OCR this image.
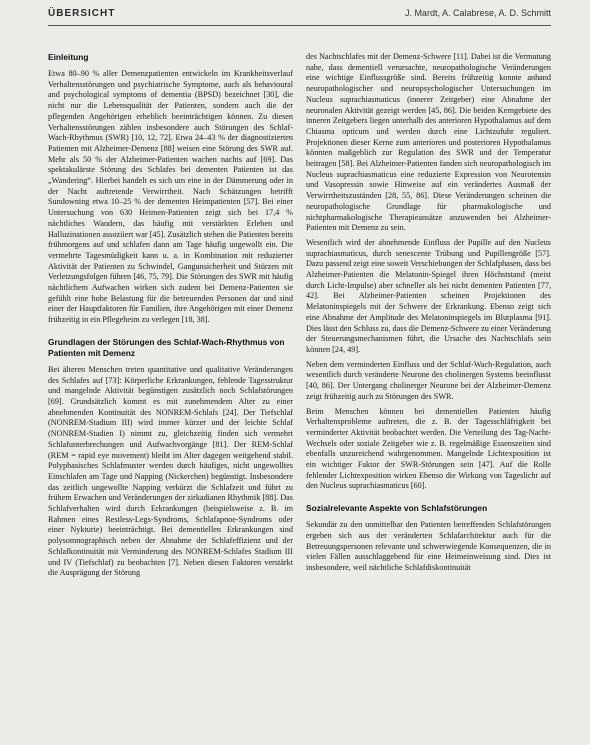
ÜBERSICHT	J. Mardt, A. Calabrese, A. D. Schmitt
Einleitung

Etwa 80–90 % aller Demenzpatienten entwickeln im Krankheitsverlauf Verhaltensstörungen und psychiatrische Symptome, auch als behavioural and psychological symptoms of dementia (BPSD) bezeichnet [30], die nicht nur die Lebensqualität der Patienten, sondern auch die der pflegenden Angehörigen erheblich beeinträchtigen können. Zu diesen Verhaltensstörungen zählen insbesondere auch Störungen des Schlaf-Wach-Rhythmus (SWR) [10, 12, 72]. Etwa 24–43 % der diagnostizierten Patienten mit Alzheimer-Demenz [88] weisen eine Störung des SWR auf. Mehr als 50 % der Alzheimer-Patienten wachen nachts auf [69]. Das spektakulärste Störung des Schlafes bei dementen Patienten ist das „Wandering“. Hierbei handelt es sich um eine in der Dämmerung oder in der Nacht auftretende Verwirrtheit. Nach Schätzungen betrifft Sundowning etwa 10–25 % der dementen Heimpatienten [57]. Bei einer Untersuchung von 630 Heimen-Patienten zeigt sich bei 17,4 % nächtliches Wandern, das häufig mit verstärkten Erleben und Halluzinationen assoziiert war [45]. Zusätzlich stehen die Patienten bereits frühmorgens auf und schlafen dann am Tage häufig ungewollt ein. Die vermehrte Tagesmüdigkeit kann u. a. in Kombination mit reduzierter Aktivität der Patienten zu Schwindel, Gangunsicherheit und Stürzen mit Verletzungsfolgen führen [46, 75, 79]. Die Störungen des SWR mit häufig nächtlichem Aufwachen wirken sich zudem bei Demenz-Patienten sie gefühlt eine hohe Belastung für die betreuenden Personen dar und sind einer der Hauptfaktoren für Familien, ihre Angehörigen mit einer Demenz frühzeitig in ein Pflegeheim zu verlegen [18, 38].

Grundlagen der Störungen des Schlaf-Wach-Rhythmus von Patienten mit Demenz

Bei älteren Menschen treten quantitative und qualitative Veränderungen des Schlafes auf [73]: Körperliche Erkrankungen, fehlende Tagesstruktur und mangelnde Aktivität begünstigen zusätzlich noch Schlafstörungen [69]. Grundsätzlich kommt es mit zunehmendem Alter zu einer abnehmenden Kontinuität des NONREM-Schlafs [24]. Der Tiefschlaf (NONREM-Stadium III) wird immer kürzer und der leichte Schlaf (NONREM-Stadien I) nimmt zu, gleichzeitig finden sich vermehrt Schlafunterbrechungen und Aufwachvorgänge [81]. Der REM-Schlaf (REM = rapid eye movement) bleibt im Alter dagegen weitgehend stabil. Polyphasisches Schlafmuster werden durch häufiges, nicht ungewolltes Einschlafen am Tage und Napping (Nickerchen) begünstigt. Insbesondere das zeitlich ungewollte Napping verkürzt die Schlafzeit und führt zu frühem Erwachen und Veränderungen der zirkadianen Rhythmik [88]. Das Schlafverhalten wird durch Erkrankungen (beispielsweise z. B. im Rahmen eines Restless-Legs-Syndroms, Schlafapnoe-Syndroms oder einer Nykturie) beeinträchtigt. Bei dementiellen Erkrankungen sind polysomnographisch neben der Abnahme der Schlafeffizienz und der Schlafkontinuität mit Verminderung des NONREM-Schlafes Stadium III und IV (Tiefschlaf) zu beobachten [7]. Neben diesen Faktoren verstärkt die Ausprägung der Störung

des Nachtschlafes mit der Demenz-Schwere [11]. Dabei ist die Vermutung nahe, dass dementiell verursachte, neuropathologische Veränderungen eine wichtige Einflussgröße sind. Bereits frühzeitig konnte anhand neuropathologischer und neuropsychologischer Untersuchungen im Nucleus suprachiasmaticus (innerer Zeitgeber) eine Abnahme der neuronalen Aktivität gezeigt werden [45, 86]. Die beiden Kerngebiete des inneren Zeitgebers liegen unterhalb des anterioren Hypothalamus auf dem Chiasma opticum und werden durch eine Lichtzufuhr reguliert. Projektionen dieser Kerne zum anterioren und posterioren Hypothalamus könnten maßgeblich zur Regulation des SWR und der Temperatur beitragen [58]. Bei Alzheimer-Patienten fanden sich neuropathologisch im Nucleus suprachiasmaticus eine reduzierte Expression von Neurotensin und Vasopressin sowie Hinweise auf ein verändertes Ausmaß der Verwirrtheitszuständen [28, 55, 86]. Diese Veränderungen scheinen die neuropathologische Grundlage für pharmakologische und nichtpharmakologische Therapieansätze anzuwenden bei Alzheimer-Patienten mit Demenz zu sein.

Wesentlich wird der abnehmende Einfluss der Pupille auf den Nucleus suprachiasmaticus, durch senescente Trübung und Pupillengröße [57]. Dazu passend zeigt eine soweit Verschiebungen der Schlafphasen, dass bei Alzheimer-Patienten die Melatonin-Spiegel ihren Höchststand (meist durch Licht-Impulse) aber schneller als bei nicht dementen Patienten [77, 42]. Bei Alzheimer-Patienten scheinen Projektionen des Melatoninspiegels mit der Schwere der Erkrankung. Ebenso zeigt sich eine Abnahme der Amplitude des Melatoninspiegels im Blutplasma [91]. Dies lässt den Schluss zu, dass die Demenz-Schwere zu einer Veränderung der Steuerungsmechanismen führt, die Ursache des Nachtschlafs sein können [24, 49].

Neben dem verminderten Einfluss und der Schlaf-Wach-Regulation, auch wesentlich durch veränderte Neurone des cholinergen Systems beeinflusst [40, 86]. Der Untergang cholinerger Neurone bei der Alzheimer-Demenz zeigt frühzeitig auch zu Störungen des SWR.

Beim Menschen können bei dementiellen Patienten häufig Verhaltensprobleme auftreten, die z. B. der Tagesschläfrigkeit bei verminderter Aktivität beobachtet werden. Die Verteilung des Tag-Nacht-Wechsels oder soziale Zeitgeber wie z. B. regelmäßige Essenszeiten sind ebenfalls unzureichend wahrgenommen. Mangelnde Lichtexposition ist ein wichtiger Faktor der SWR-Störungen sein [47]. Auf die Rolle fehlender Lichtexposition wirken Ebenso die Wirkung von Tageslicht auf den Nucleus suprachiasmaticus [60].

Sozialrelevante Aspekte von Schlafstörungen

Sekundär zu den unmittelbar den Patienten betreffenden Schlafstörungen ergeben sich aus der veränderten Schlafarchitektur auch für die Betreuungspersonen relevante und schwerwiegende Konsequenzen, die in vielen Fällen ausschlaggebend für eine Heimeinweisung sind. Dies ist insbesondere, weil nächtliche Schlafdiskontinuität
